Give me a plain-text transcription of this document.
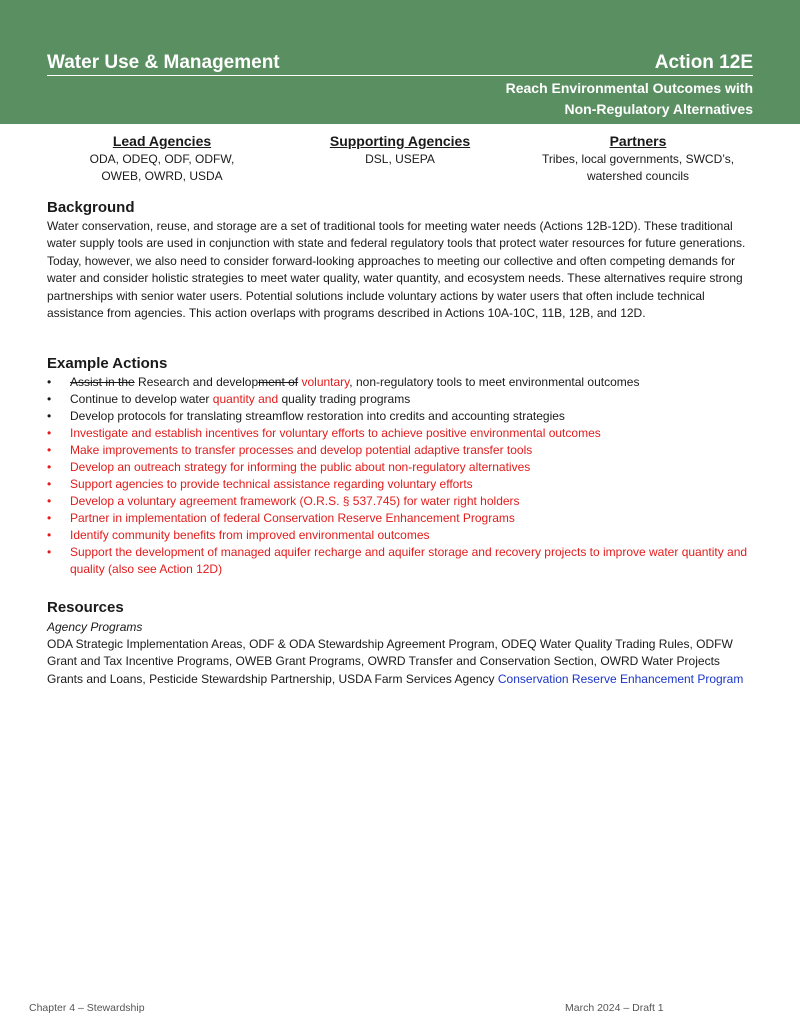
Water Use & Management	Action 12E
Reach Environmental Outcomes with
Non-Regulatory Alternatives
Lead Agencies
ODA, ODEQ, ODF, ODFW,
OWEB, OWRD, USDA
Supporting Agencies
DSL, USEPA
Partners
Tribes, local governments, SWCD’s,
watershed councils
Background

Water conservation, reuse, and storage are a set of traditional tools for meeting water needs (Actions 12B-12D). These traditional water supply tools are used in conjunction with state and federal regulatory tools that protect water resources for future generations. Today, however, we also need to consider forward-looking approaches to meeting our collective and often competing demands for water and consider holistic strategies to meet water quality, water quantity, and ecosystem needs. These alternatives require strong partnerships with senior water users. Potential solutions include voluntary actions by water users that often include technical assistance from agencies. This action overlaps with programs described in Actions 10A-10C, 11B, 12B, and 12D.

Example Actions
• Assist in the Research and development of voluntary, non-regulatory tools to meet environmental outcomes
• Continue to develop water quantity and quality trading programs
• Develop protocols for translating streamflow restoration into credits and accounting strategies
• Investigate and establish incentives for voluntary efforts to achieve positive environmental outcomes
• Make improvements to transfer processes and develop potential adaptive transfer tools
• Develop an outreach strategy for informing the public about non-regulatory alternatives
• Support agencies to provide technical assistance regarding voluntary efforts
• Develop a voluntary agreement framework (O.R.S. § 537.745) for water right holders
• Partner in implementation of federal Conservation Reserve Enhancement Programs
• Identify community benefits from improved environmental outcomes
• Support the development of managed aquifer recharge and aquifer storage and recovery projects to improve water quantity and quality (also see Action 12D)
Resources
Agency Programs

ODA Strategic Implementation Areas, ODF & ODA Stewardship Agreement Program, ODEQ Water Quality Trading Rules, ODFW Grant and Tax Incentive Programs, OWEB Grant Programs, OWRD Transfer and Conservation Section, OWRD Water Projects Grants and Loans, Pesticide Stewardship Partnership, USDA Farm Services Agency Conservation Reserve Enhancement Program

Chapter 4 – Stewardship	March 2024 – Draft 1
